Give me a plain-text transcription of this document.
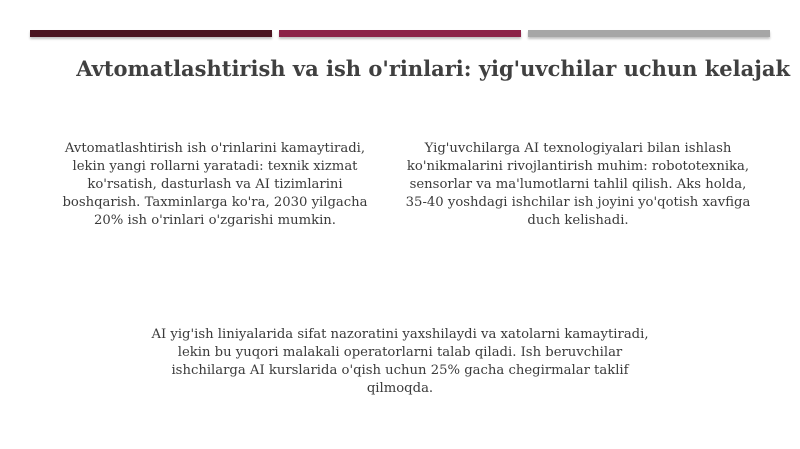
Avtomatlashtirish va ish o'rinlari: yig'uvchilar uchun kelajak

Avtomatlashtirish ish o'rinlarini kamaytiradi, lekin yangi rollarni yaratadi: texnik xizmat ko'rsatish, dasturlash va AI tizimlarini boshqarish. Taxminlarga ko'ra, 2030 yilgacha 20% ish o'rinlari o'zgarishi mumkin.

Yig'uvchilarga AI texnologiyalari bilan ishlash ko'nikmalarini rivojlantirish muhim: robototexnika, sensorlar va ma'lumotlarni tahlil qilish. Aks holda, 35-40 yoshdagi ishchilar ish joyini yo'qotish xavfiga duch kelishadi.

AI yig'ish liniyalarida sifat nazoratini yaxshilaydi va xatolarni kamaytiradi, lekin bu yuqori malakali operatorlarni talab qiladi. Ish beruvchilar ishchilarga AI kurslarida o'qish uchun 25% gacha chegirmalar taklif qilmoqda.
